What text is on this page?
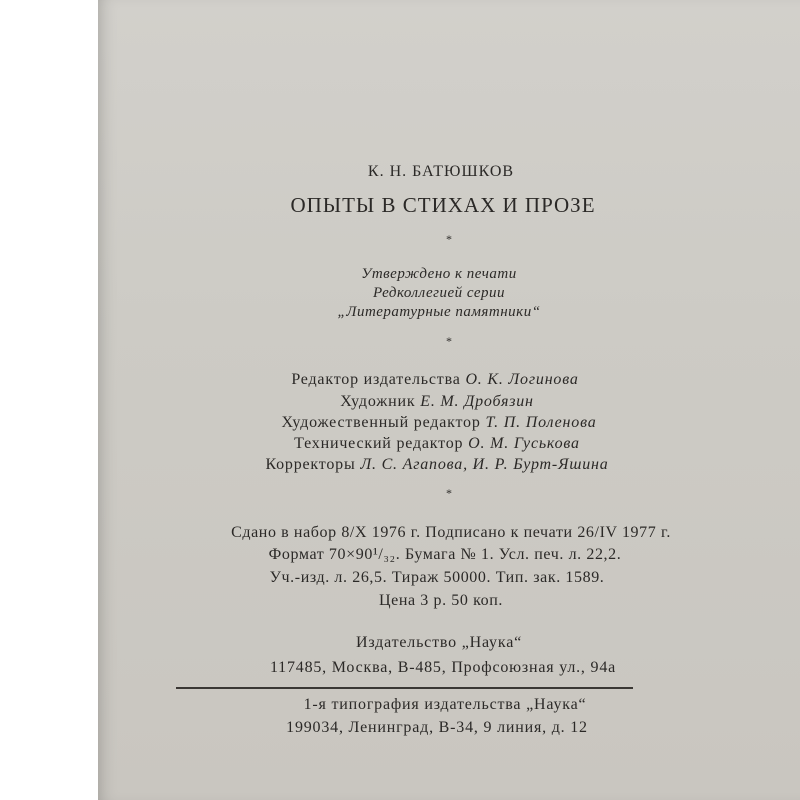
К. Н. БАТЮШКОВ
ОПЫТЫ В СТИХАХ И ПРОЗЕ
*
Утверждено к печати
Редколлегией серии
„Литературные памятники“
*
Редактор издательства О. К. Логинова
Художник Е. М. Дробязин
Художественный редактор Т. П. Поленова
Технический редактор О. М. Гуськова
Корректоры Л. С. Агапова, И. Р. Бурт-Яшина
*
Сдано в набор 8/X 1976 г. Подписано к печати 26/IV 1977 г.
Формат 70×90¹/₃₂. Бумага № 1. Усл. печ. л. 22,2.
Уч.-изд. л. 26,5. Тираж 50000. Тип. зак. 1589.
Цена 3 р. 50 коп.
Издательство „Наука“
117485, Москва, В-485, Профсоюзная ул., 94а
1-я типография издательства „Наука“
199034, Ленинград, В-34, 9 линия, д. 12
